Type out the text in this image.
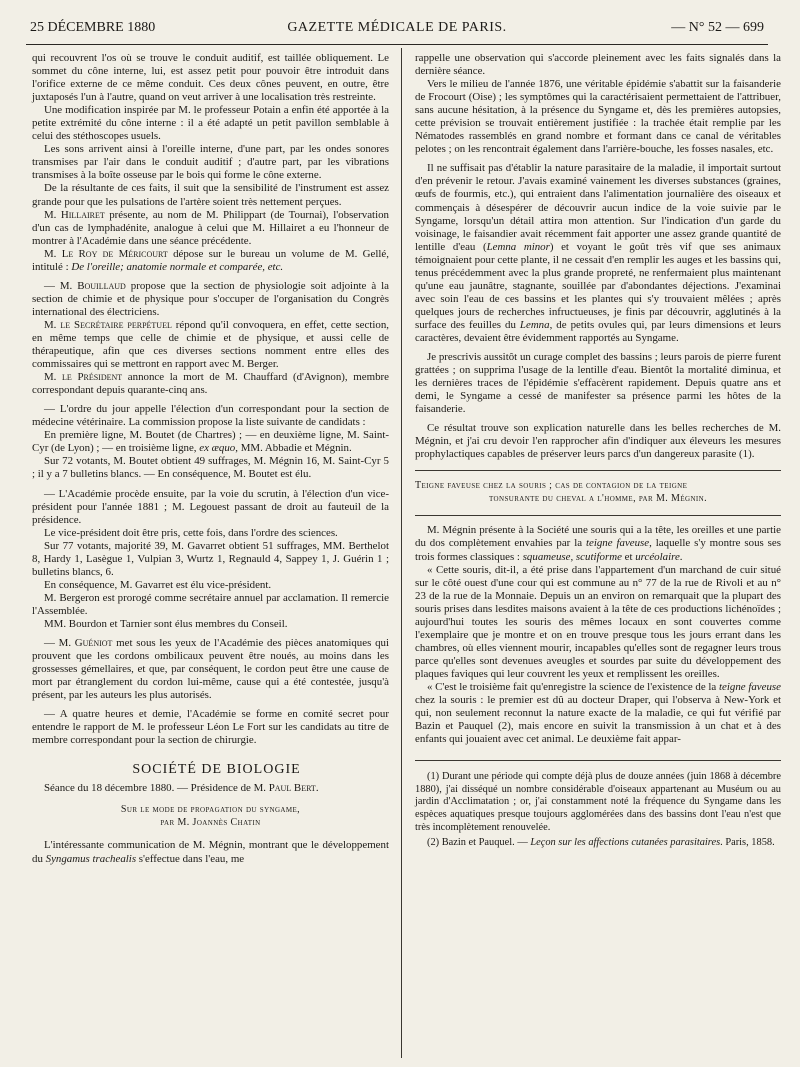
25 DÉCEMBRE 1880	GAZETTE MÉDICALE DE PARIS.	— N° 52 — 699

qui recouvrent l'os où se trouve le conduit auditif, est taillée obliquement. Le sommet du cône interne, lui, est assez petit pour pouvoir être introduit dans l'orifice externe de ce même conduit. Ces deux cônes peuvent, en outre, être juxtaposés l'un à l'autre, quand on veut arriver à une localisation très restreinte.

Une modification inspirée par M. le professeur Potain a enfin été apportée à la petite extrémité du cône interne : il a été adapté un petit pavillon semblable à celui des stéthoscopes usuels.

Les sons arrivent ainsi à l'oreille interne, d'une part, par les ondes sonores transmises par l'air dans le conduit auditif ; d'autre part, par les vibrations transmises à la boîte osseuse par le bois qui forme le cône externe.

De la résultante de ces faits, il suit que la sensibilité de l'instrument est assez grande pour que les pulsations de l'artère soient très nettement perçues.

M. Hillairet présente, au nom de M. Philippart (de Tournai), l'observation d'un cas de lymphadénite, analogue à celui que M. Hillairet a eu l'honneur de montrer à l'Académie dans une séance précédente.

M. Le Roy de Méricourt dépose sur le bureau un volume de M. Gellé, intitulé : De l'oreille; anatomie normale et comparée, etc.

— M. Bouillaud propose que la section de physiologie soit adjointe à la section de chimie et de physique pour s'occuper de l'organisation du Congrès international des électriciens.

M. le Secrétaire perpétuel répond qu'il convoquera, en effet, cette section, en même temps que celle de chimie et de physique, et aussi celle de thérapeutique, afin que ces diverses sections nomment entre elles des commissaires qui se mettront en rapport avec M. Berger.

M. le Président annonce la mort de M. Chauffard (d'Avignon), membre correspondant depuis quarante-cinq ans.

— L'ordre du jour appelle l'élection d'un correspondant pour la section de médecine vétérinaire. La commission propose la liste suivante de candidats :

En première ligne, M. Boutet (de Chartres) ; — en deuxième ligne, M. Saint-Cyr (de Lyon) ; — en troisième ligne, ex æquo, MM. Abbadie et Mégnin.

Sur 72 votants, M. Boutet obtient 49 suffrages, M. Mégnin 16, M. Saint-Cyr 5 ; il y a 7 bulletins blancs. — En conséquence, M. Boutet est élu.

— L'Académie procède ensuite, par la voie du scrutin, à l'élection d'un vice-président pour l'année 1881 ; M. Legouest passant de droit au fauteuil de la présidence.

Le vice-président doit être pris, cette fois, dans l'ordre des sciences.

Sur 77 votants, majorité 39, M. Gavarret obtient 51 suffrages, MM. Berthelot 8, Hardy 1, Lasègue 1, Vulpian 3, Wurtz 1, Regnauld 4, Sappey 1, J. Guérin 1 ; bulletins blancs, 6.

En conséquence, M. Gavarret est élu vice-président.

M. Bergeron est prorogé comme secrétaire annuel par acclamation. Il remercie l'Assemblée.

MM. Bourdon et Tarnier sont élus membres du Conseil.

— M. Guéniot met sous les yeux de l'Académie des pièces anatomiques qui prouvent que les cordons ombilicaux peuvent être noués, au moins dans les grossesses gémellaires, et que, par conséquent, le cordon peut être une cause de mort par étranglement du cordon lui-même, cause qui a été contestée, jusqu'à présent, par les auteurs les plus autorisés.

— A quatre heures et demie, l'Académie se forme en comité secret pour entendre le rapport de M. le professeur Léon Le Fort sur les candidats au titre de membre correspondant pour la section de chirurgie.

SOCIÉTÉ DE BIOLOGIE

Séance du 18 décembre 1880. — Présidence de M. Paul Bert.

Sur le mode de propagation du syngame,
par M. Joannès Chatin

L'intéressante communication de M. Mégnin, montrant que le développement du Syngamus trachealis s'effectue dans l'eau, me

rappelle une observation qui s'accorde pleinement avec les faits signalés dans la dernière séance.

Vers le milieu de l'année 1876, une véritable épidémie s'abattit sur la faisanderie de Frocourt (Oise) ; les symptômes qui la caractérisaient permettaient de l'attribuer, sans aucune hésitation, à la présence du Syngame et, dès les premières autopsies, cette prévision se trouvait entièrement justifiée : la trachée était remplie par les Nématodes rassemblés en grand nombre et formant dans ce canal de véritables pelotes ; on les rencontrait également dans l'arrière-bouche, les fosses nasales, etc.

Il ne suffisait pas d'établir la nature parasitaire de la maladie, il importait surtout d'en prévenir le retour. J'avais examiné vainement les diverses substances (graines, œufs de fourmis, etc.), qui entraient dans l'alimentation journalière des oiseaux et commençais à désespérer de découvrir aucun indice de la voie suivie par le Syngame, lorsqu'un détail attira mon attention. Sur l'indication d'un garde du voisinage, le faisandier avait récemment fait apporter une assez grande quantité de lentille d'eau (Lemna minor) et voyant le goût très vif que ses animaux témoignaient pour cette plante, il ne cessait d'en remplir les auges et les bassins qui, tenus précédemment avec la plus grande propreté, ne renfermaient plus maintenant qu'une eau jaunâtre, stagnante, souillée par d'abondantes déjections. J'examinai avec soin l'eau de ces bassins et les plantes qui s'y trouvaient mêlées ; après quelques jours de recherches infructueuses, je finis par découvrir, agglutinés à la surface des feuilles du Lemna, de petits ovules qui, par leurs dimensions et leurs caractères, devaient être évidemment rapportés au Syngame.

Je prescrivis aussitôt un curage complet des bassins ; leurs parois de pierre furent grattées ; on supprima l'usage de la lentille d'eau. Bientôt la mortalité diminua, et les dernières traces de l'épidémie s'effacèrent rapidement. Depuis quatre ans et demi, le Syngame a cessé de manifester sa présence parmi les hôtes de la faisanderie.

Ce résultat trouve son explication naturelle dans les belles recherches de M. Mégnin, et j'ai cru devoir l'en rapprocher afin d'indiquer aux éleveurs les mesures prophylactiques capables de préserver leurs parcs d'un dangereux parasite (1).

Teigne faveuse chez la souris ; cas de contagion de la teigne
tonsurante du cheval a l'homme, par M. Mégnin.

M. Mégnin présente à la Société une souris qui a la tête, les oreilles et une partie du dos complètement envahies par la teigne faveuse, laquelle s'y montre sous ses trois formes classiques : squameuse, scutiforme et urcéolaire.

« Cette souris, dit-il, a été prise dans l'appartement d'un marchand de cuir situé sur le côté ouest d'une cour qui est commune au n° 77 de la rue de Rivoli et au n° 23 de la rue de la Monnaie. Depuis un an environ on remarquait que la plupart des souris prises dans lesdites maisons avaient à la tête de ces productions lichénoïdes ; aujourd'hui toutes les souris des mêmes locaux en sont couvertes comme l'exemplaire que je montre et on en trouve presque tous les jours errant dans les chambres, où elles viennent mourir, incapables qu'elles sont de regagner leurs trous parce qu'elles sont devenues aveugles et sourdes par suite du développement des plaques faviques qui leur couvrent les yeux et remplissent les oreilles.

« C'est le troisième fait qu'enregistre la science de l'existence de la teigne faveuse chez la souris : le premier est dû au docteur Draper, qui l'observa à New-York et qui, non seulement reconnut la nature exacte de la maladie, ce qui fut vérifié par Bazin et Pauquel (2), mais encore en suivit la transmission à un chat et à des enfants qui jouaient avec cet animal. Le deuxième fait appar-

(1) Durant une période qui compte déjà plus de douze années (juin 1868 à décembre 1880), j'ai disséqué un nombre considérable d'oiseaux appartenant au Muséum ou au jardin d'Acclimatation ; or, j'ai constamment noté la fréquence du Syngame dans les espèces aquatiques presque toujours agglomérées dans des bassins dont l'eau n'est que très incomplètement renouvelée.

(2) Bazin et Pauquel. — Leçon sur les affections cutanées parasitaires. Paris, 1858.
